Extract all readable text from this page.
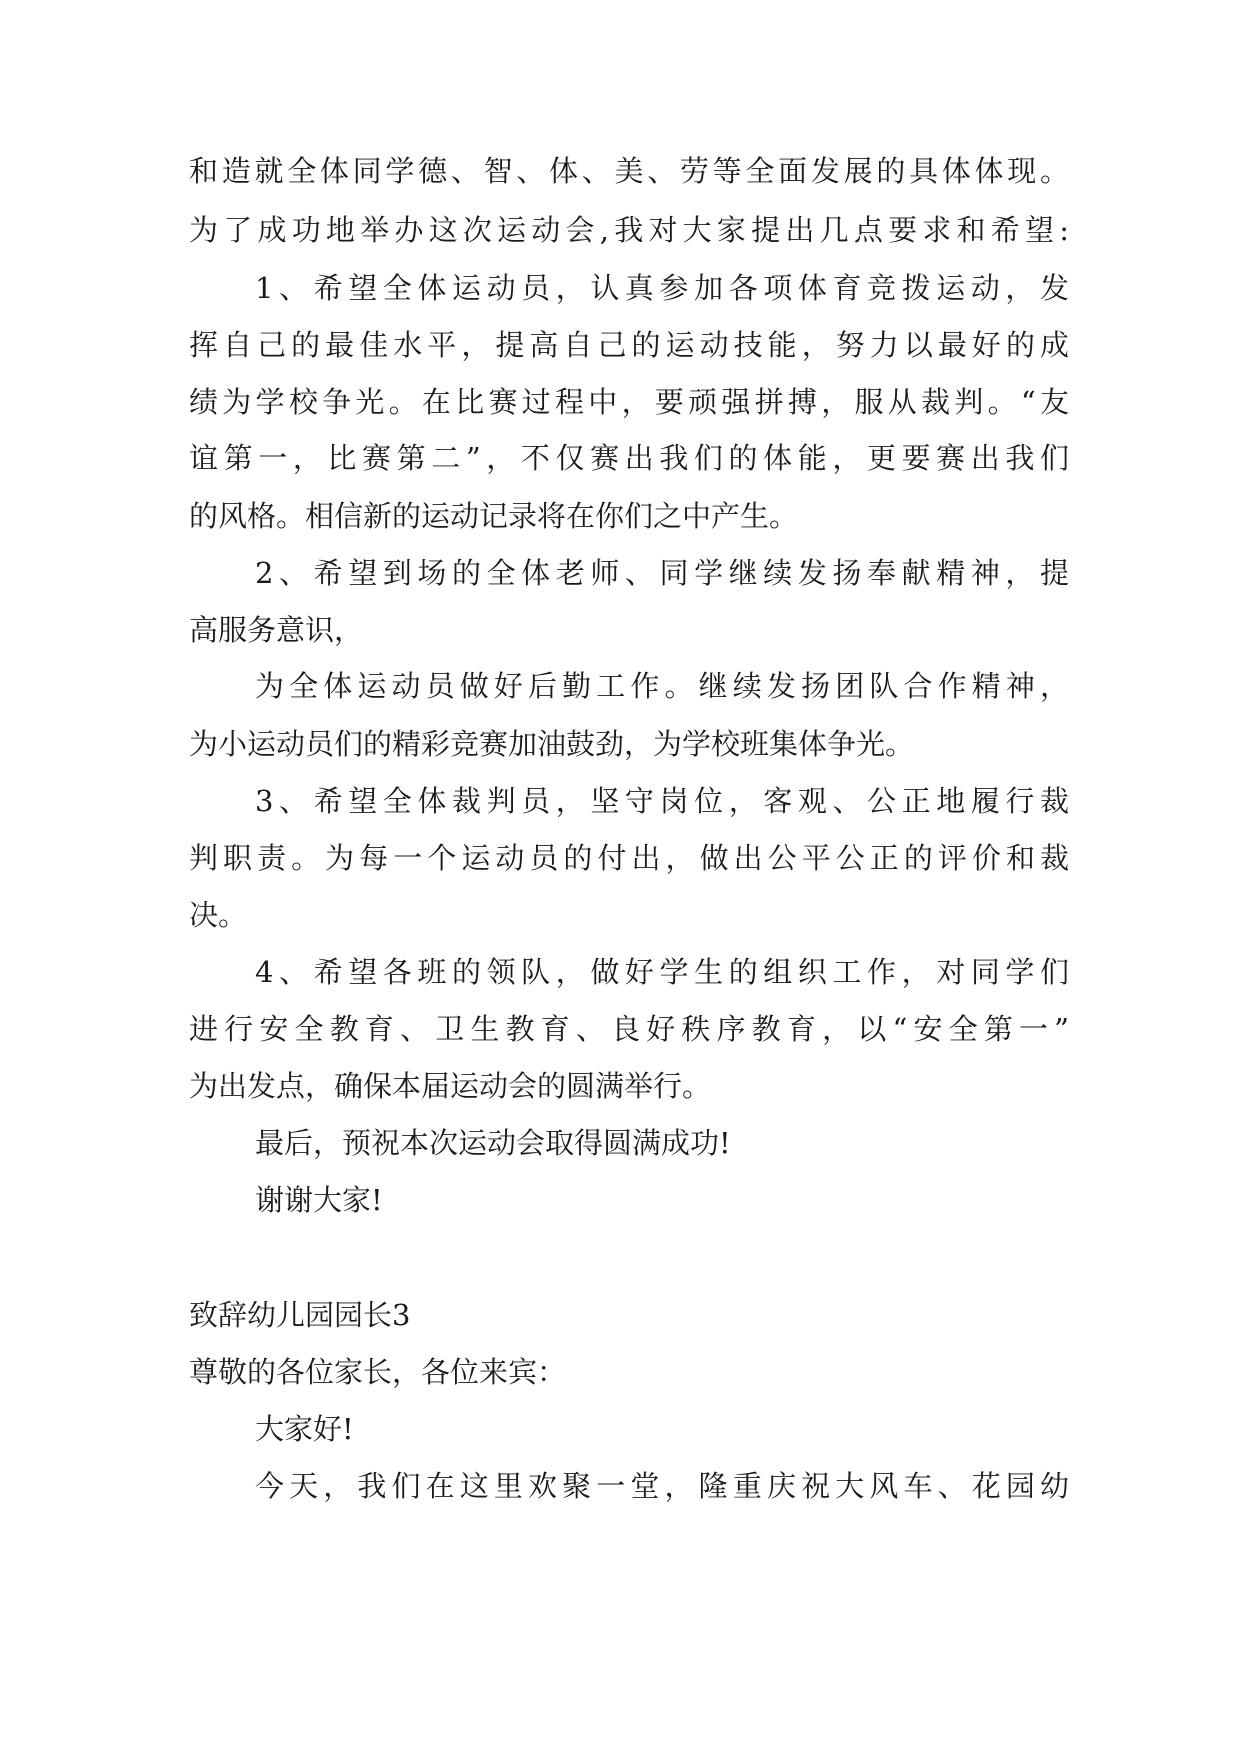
和造就全体同学德、智、体、美、劳等全面发展的具体体现。

为了成功地举办这次运动会,我对大家提出几点要求和希望:

1、希望全体运动员，认真参加各项体育竞拨运动，发

挥自己的最佳水平，提高自己的运动技能，努力以最好的成

绩为学校争光。在比赛过程中，要顽强拼搏，服从裁判。“友

谊第一，比赛第二”，不仅赛出我们的体能，更要赛出我们

的风格。相信新的运动记录将在你们之中产生。

2、希望到场的全体老师、同学继续发扬奉献精神，提

高服务意识，

为全体运动员做好后勤工作。继续发扬团队合作精神，

为小运动员们的精彩竞赛加油鼓劲，为学校班集体争光。

3、希望全体裁判员，坚守岗位，客观、公正地履行裁

判职责。为每一个运动员的付出，做出公平公正的评价和裁

决。

4、希望各班的领队，做好学生的组织工作，对同学们

进行安全教育、卫生教育、良好秩序教育，以“安全第一”

为出发点，确保本届运动会的圆满举行。

最后，预祝本次运动会取得圆满成功!

谢谢大家!

致辞幼儿园园长3

尊敬的各位家长，各位来宾：

大家好!

今天，我们在这里欢聚一堂，隆重庆祝大风车、花园幼
